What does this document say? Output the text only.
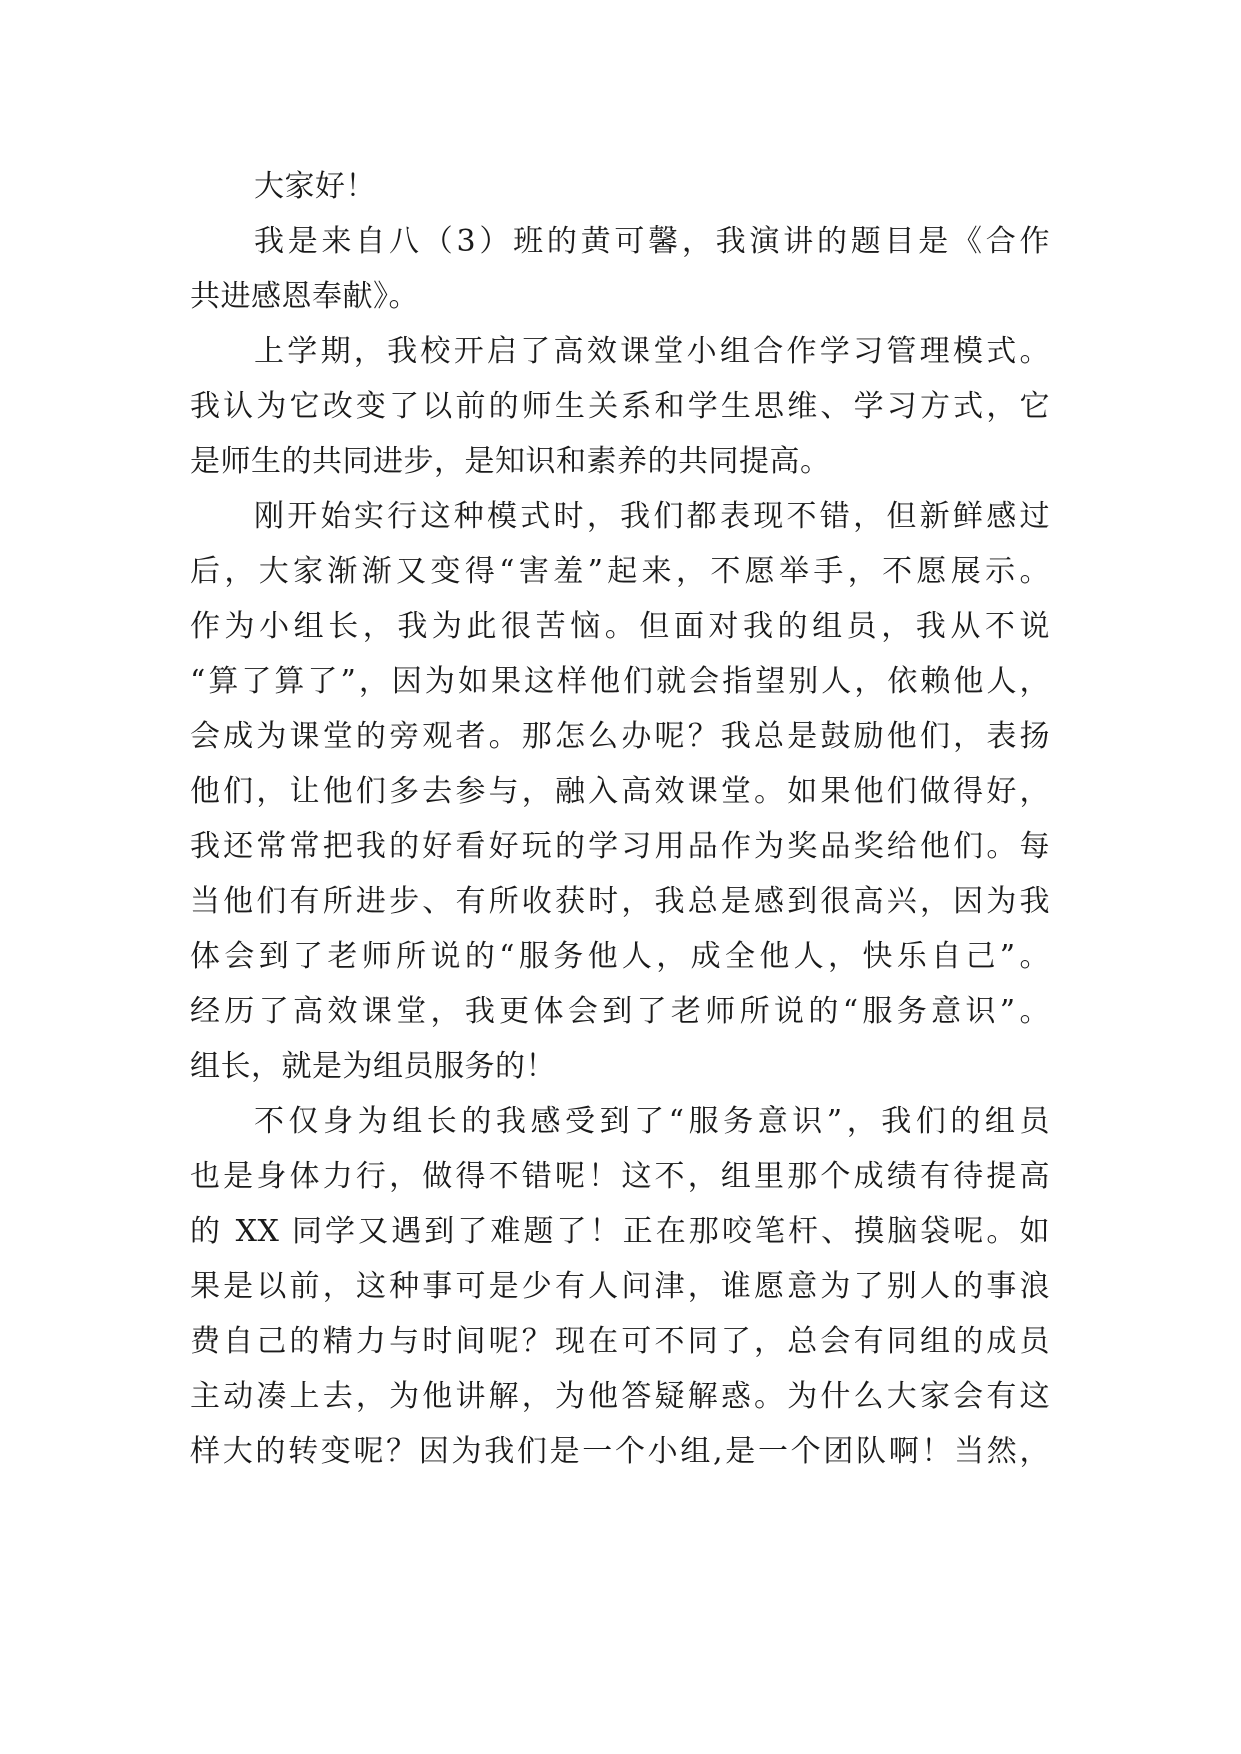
大家好！
我是来自八（3）班的黄可馨，我演讲的题目是《合作
共进感恩奉献》。
上学期，我校开启了高效课堂小组合作学习管理模式。
我认为它改变了以前的师生关系和学生思维、学习方式，它
是师生的共同进步，是知识和素养的共同提高。
刚开始实行这种模式时，我们都表现不错，但新鲜感过
后，大家渐渐又变得“害羞”起来，不愿举手，不愿展示。
作为小组长，我为此很苦恼。但面对我的组员，我从不说
“算了算了”，因为如果这样他们就会指望别人，依赖他人，
会成为课堂的旁观者。那怎么办呢？我总是鼓励他们，表扬
他们，让他们多去参与，融入高效课堂。如果他们做得好，
我还常常把我的好看好玩的学习用品作为奖品奖给他们。每
当他们有所进步、有所收获时，我总是感到很高兴，因为我
体会到了老师所说的“服务他人，成全他人，快乐自己”。
经历了高效课堂，我更体会到了老师所说的“服务意识”。
组长，就是为组员服务的！
不仅身为组长的我感受到了“服务意识”，我们的组员
也是身体力行，做得不错呢！这不，组里那个成绩有待提高
的 XX 同学又遇到了难题了！正在那咬笔杆、摸脑袋呢。如
果是以前，这种事可是少有人问津，谁愿意为了别人的事浪
费自己的精力与时间呢？现在可不同了，总会有同组的成员
主动凑上去，为他讲解，为他答疑解惑。为什么大家会有这
样大的转变呢？因为我们是一个小组,是一个团队啊！当然，
